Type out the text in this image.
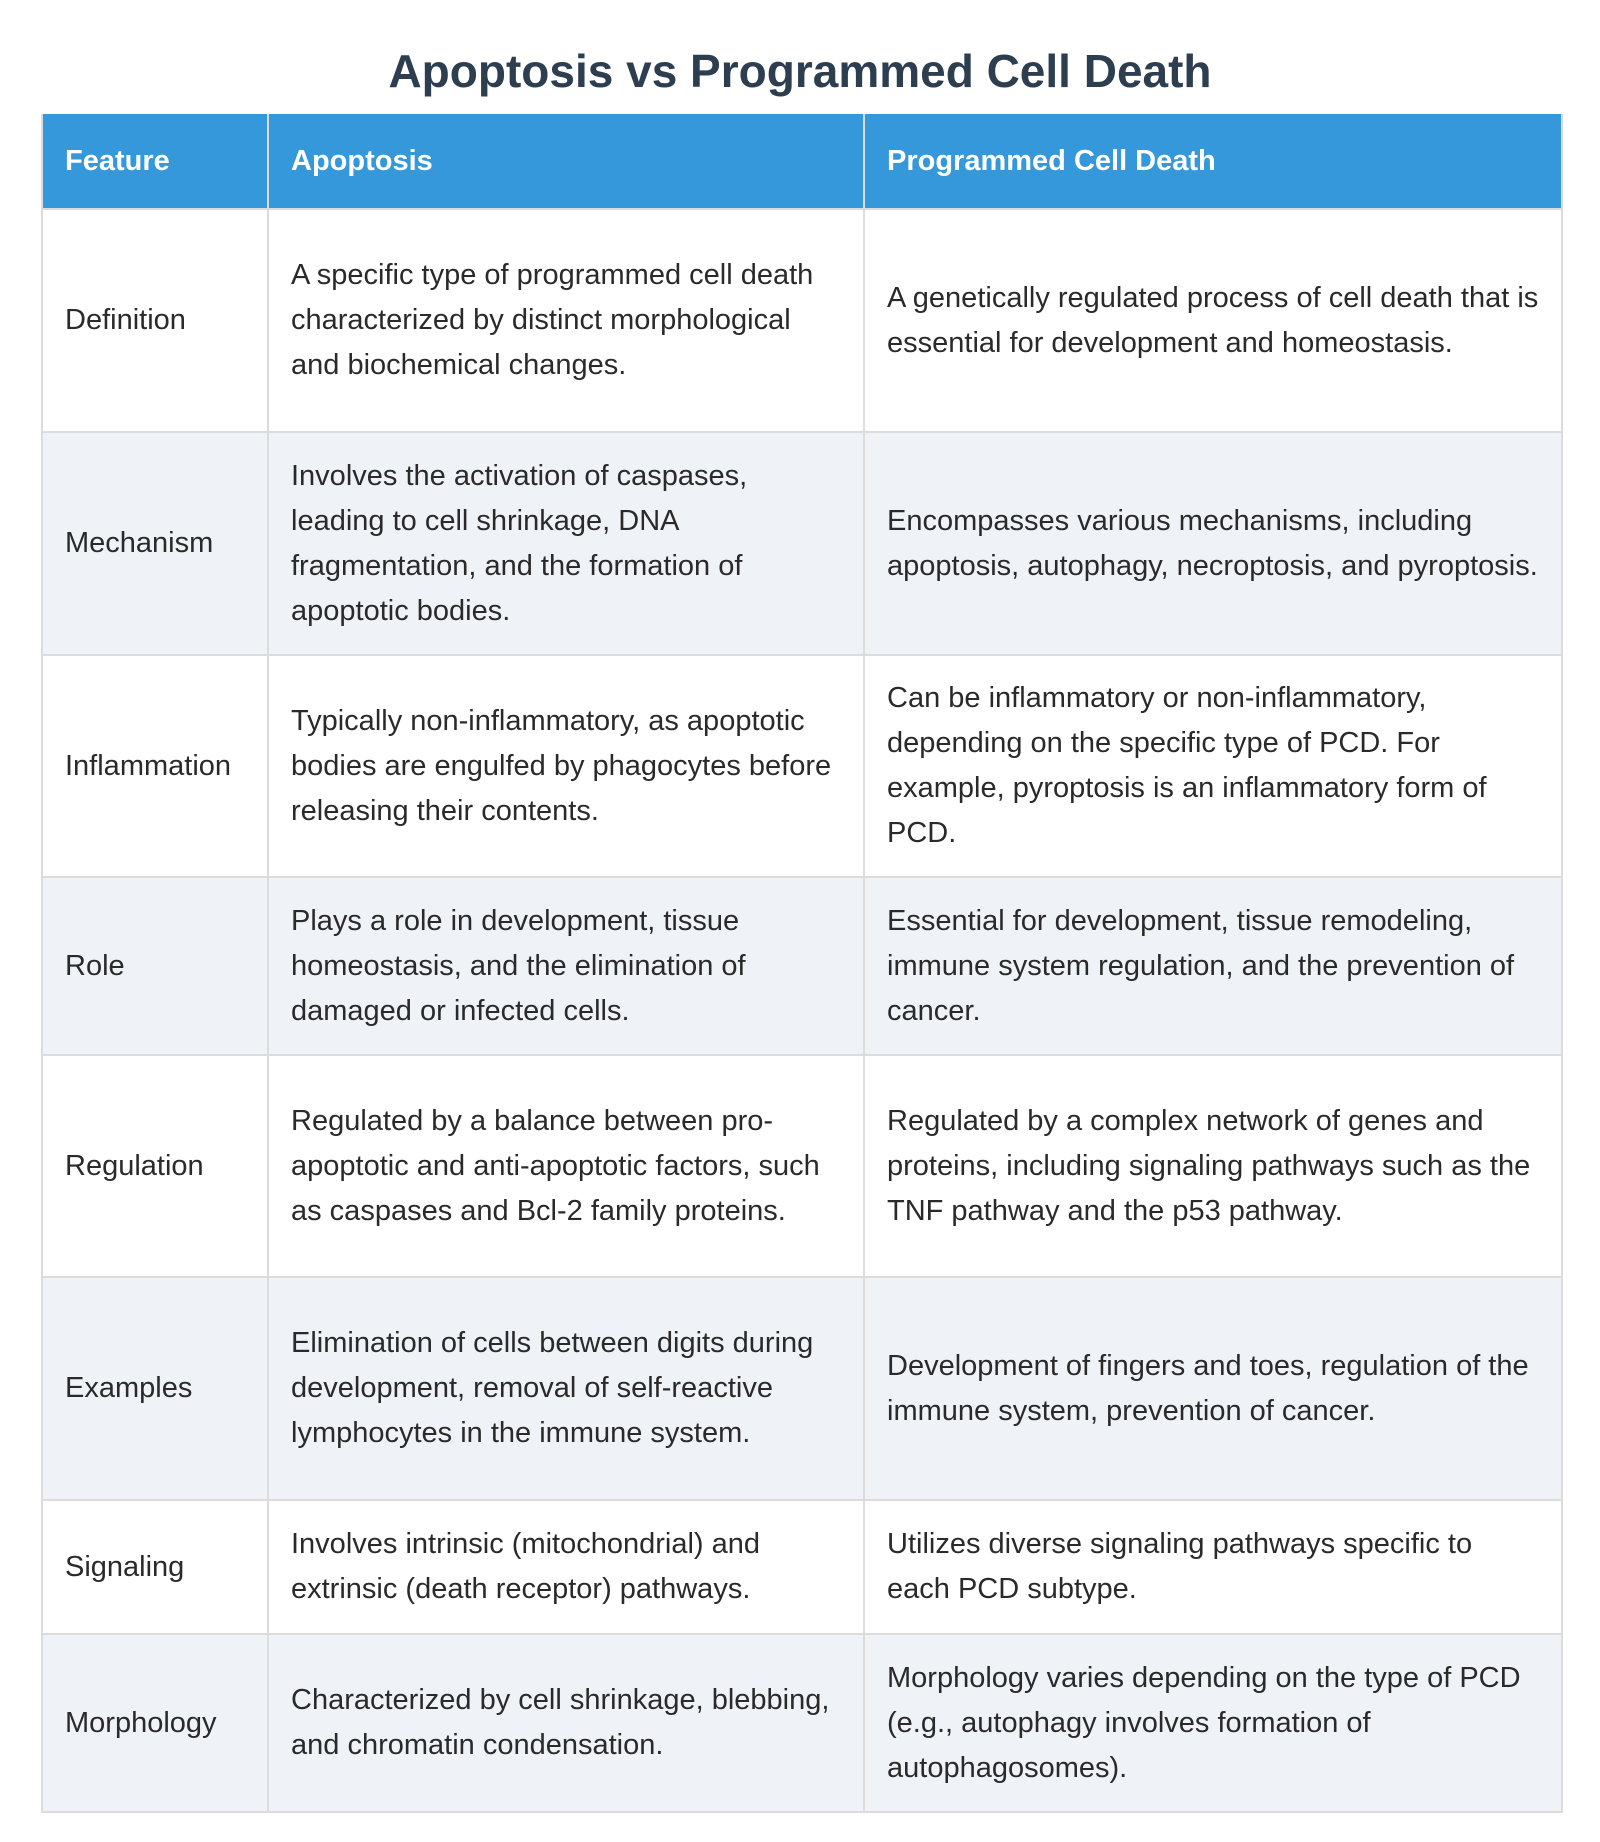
Apoptosis vs Programmed Cell Death
Feature	Apoptosis	Programmed Cell Death
Definition	A specific type of programmed cell death characterized by distinct morphological and biochemical changes.	A genetically regulated process of cell death that is essential for development and homeostasis.
Mechanism	Involves the activation of caspases, leading to cell shrinkage, DNA fragmentation, and the formation of apoptotic bodies.	Encompasses various mechanisms, including apoptosis, autophagy, necroptosis, and pyroptosis.
Inflammation	Typically non-inflammatory, as apoptotic bodies are engulfed by phagocytes before releasing their contents.	Can be inflammatory or non-inflammatory, depending on the specific type of PCD. For example, pyroptosis is an inflammatory form of PCD.
Role	Plays a role in development, tissue homeostasis, and the elimination of damaged or infected cells.	Essential for development, tissue remodeling, immune system regulation, and the prevention of cancer.
Regulation	Regulated by a balance between pro-apoptotic and anti-apoptotic factors, such as caspases and Bcl-2 family proteins.	Regulated by a complex network of genes and proteins, including signaling pathways such as the TNF pathway and the p53 pathway.
Examples	Elimination of cells between digits during development, removal of self-reactive lymphocytes in the immune system.	Development of fingers and toes, regulation of the immune system, prevention of cancer.
Signaling	Involves intrinsic (mitochondrial) and extrinsic (death receptor) pathways.	Utilizes diverse signaling pathways specific to each PCD subtype.
Morphology	Characterized by cell shrinkage, blebbing, and chromatin condensation.	Morphology varies depending on the type of PCD (e.g., autophagy involves formation of autophagosomes).
